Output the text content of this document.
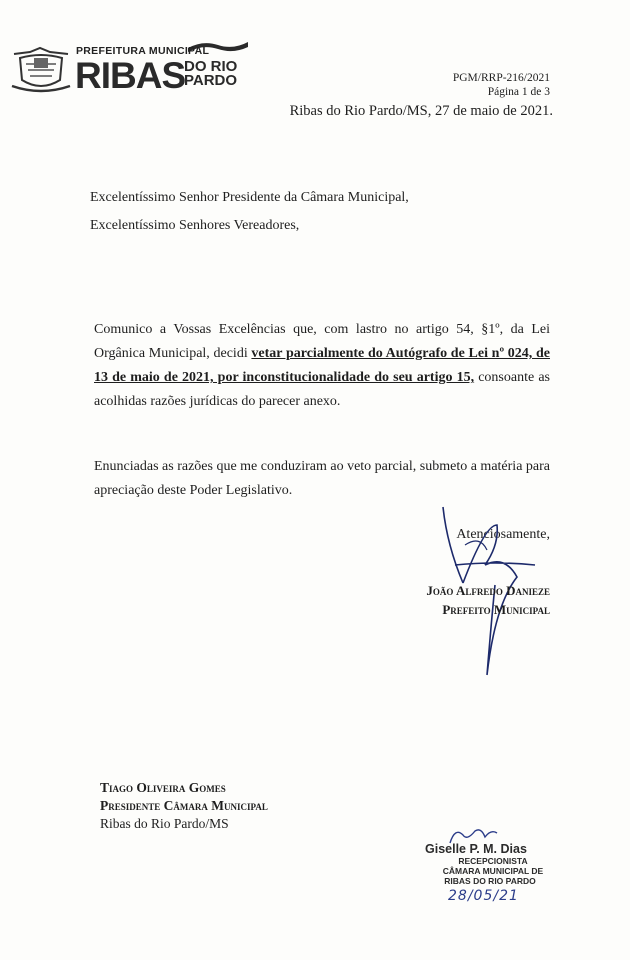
PREFEITURA MUNICIPAL
RIBAS
DO RIO
PARDO	PGM/RRP-216/2021
Página 1 de 3
Ribas do Rio Pardo/MS, 27 de maio de 2021.
Excelentíssimo Senhor Presidente da Câmara Municipal,
Excelentíssimo Senhores Vereadores,
Comunico a Vossas Excelências que, com lastro no artigo 54, §1º, da Lei Orgânica Municipal, decidi vetar parcialmente do Autógrafo de Lei nº 024, de 13 de maio de 2021, por inconstitucionalidade do seu artigo 15, consoante as acolhidas razões jurídicas do parecer anexo.
Enunciadas as razões que me conduziram ao veto parcial, submeto a matéria para apreciação deste Poder Legislativo.
Atenciosamente,
João Alfredo Danieze
Prefeito Municipal
Tiago Oliveira Gomes
Presidente Câmara Municipal
Ribas do Rio Pardo/MS
Giselle P. M. Dias
RECEPCIONISTA
CÂMARA MUNICIPAL DE
RIBAS DO RIO PARDO
28/05/21
